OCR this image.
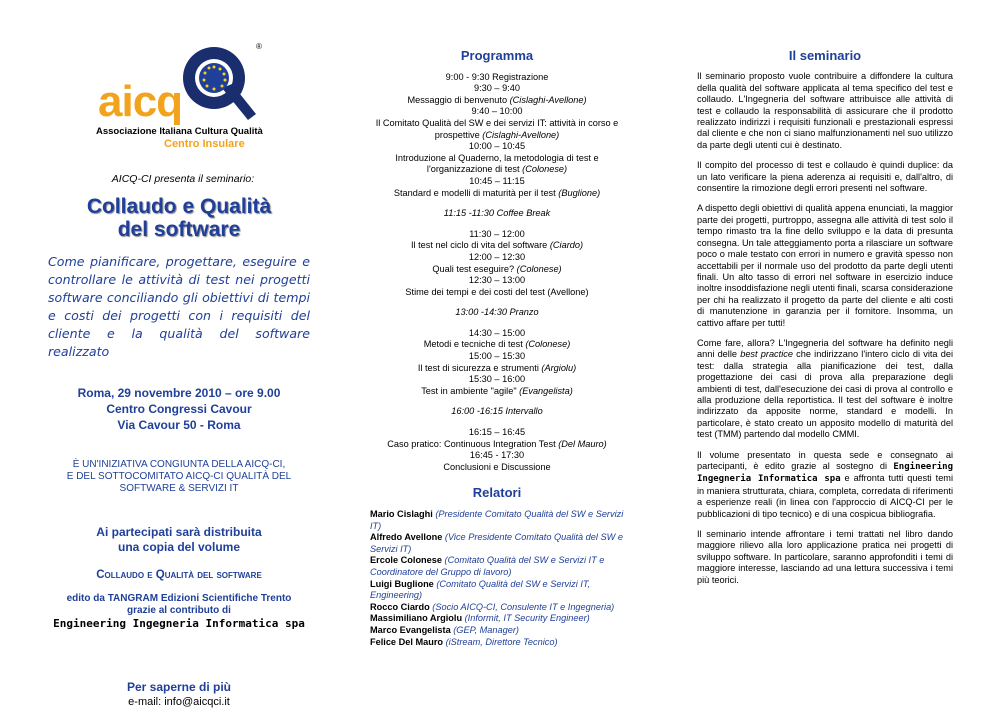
aicq
®
Associazione Italiana Cultura Qualità
Centro Insulare
AICQ-CI presenta il seminario:
Collaudo e Qualità
del software
Come pianificare, progettare, eseguire e controllare le attività di test nei progetti software conciliando gli obiettivi di tempi e costi dei progetti con i requisiti del cliente e la qualità del software realizzato
Roma, 29 novembre 2010 – ore 9.00
Centro Congressi Cavour
Via Cavour 50 - Roma
È UN'INIZIATIVA CONGIUNTA DELLA AICQ-CI,
E DEL SOTTOCOMITATO AICQ-CI QUALITÀ DEL
SOFTWARE & SERVIZI IT
Ai partecipati sarà distribuita
una copia del volume
Collaudo e Qualità del software
edito da TANGRAM Edizioni Scientifiche Trento
grazie al contributo di
Engineering Ingegneria Informatica spa
Per saperne di più
e-mail: info@aicqci.it
Programma
9:00 - 9:30 Registrazione
9:30 – 9:40
Messaggio di benvenuto (Cislaghi-Avellone)
9:40 – 10:00
Il Comitato Qualità del SW e dei servizi IT: attività in corso e
prospettive (Cislaghi-Avellone)
10:00 – 10:45
Introduzione al Quaderno, la metodologia di test e
l'organizzazione di test (Colonese)
10:45 – 11:15
Standard e modelli di maturità per il test (Buglione)
11:15 -11:30 Coffee Break
11:30 – 12:00
Il test nel ciclo di vita del software (Ciardo)
12:00 – 12:30
Quali test eseguire? (Colonese)
12:30 – 13:00
Stime dei tempi e dei costi del test (Avellone)
13:00 -14:30 Pranzo
14:30 – 15:00
Metodi e tecniche di test (Colonese)
15:00 – 15:30
Il test di sicurezza e strumenti (Argiolu)
15:30 – 16:00
Test in ambiente "agile" (Evangelista)
16:00 -16:15 Intervallo
16:15 – 16:45
Caso pratico: Continuous Integration Test (Del Mauro)
16:45 - 17:30
Conclusioni e Discussione
Relatori
Mario Cislaghi (Presidente Comitato Qualità del SW e Servizi IT)
Alfredo Avellone (Vice Presidente Comitato Qualità del SW e Servizi IT)
Ercole Colonese (Comitato Qualità del SW e Servizi IT e Coordinatore del Gruppo di lavoro)
Luigi Buglione (Comitato Qualità del SW e Servizi IT, Engineering)
Rocco Ciardo (Socio AICQ-CI, Consulente IT e Ingegneria)
Massimiliano Argiolu (Informit, IT Security Engineer)
Marco Evangelista (GEP, Manager)
Felice Del Mauro (iStream, Direttore Tecnico)
Il seminario

Il seminario proposto vuole contribuire a diffondere la cultura della qualità del software applicata al tema specifico del test e collaudo. L'Ingegneria del software attribuisce alle attività di test e collaudo la responsabilità di assicurare che il prodotto realizzato indirizzi i requisiti funzionali e prestazionali espressi dal cliente e che non ci siano malfunzionamenti nel suo utilizzo da parte degli utenti cui è destinato.

Il compito del processo di test e collaudo è quindi duplice: da un lato verificare la piena aderenza ai requisiti e, dall'altro, di consentire la rimozione degli errori presenti nel software.

A dispetto degli obiettivi di qualità appena enunciati, la maggior parte dei progetti, purtroppo, assegna alle attività di test solo il tempo rimasto tra la fine dello sviluppo e la data di presunta consegna. Un tale atteggiamento porta a rilasciare un software poco o male testato con errori in numero e gravità spesso non accettabili per il normale uso del prodotto da parte degli utenti finali. Un alto tasso di errori nel software in esercizio induce inoltre insoddisfazione negli utenti finali, scarsa considerazione per chi ha realizzato il progetto da parte del cliente e alti costi di manutenzione in garanzia per il fornitore. Insomma, un cattivo affare per tutti!

Come fare, allora? L'Ingegneria del software ha definito negli anni delle best practice che indirizzano l'intero ciclo di vita dei test: dalla strategia alla pianificazione dei test, dalla progettazione dei casi di prova alla preparazione degli ambienti di test, dall'esecuzione dei casi di prova al controllo e alla produzione della reportistica. Il test del software è inoltre indirizzato da apposite norme, standard e modelli. In particolare, è stato creato un apposito modello di maturità del test (TMM) partendo dal modello CMMI.

Il volume presentato in questa sede e consegnato ai partecipanti, è edito grazie al sostegno di Engineering Ingegneria Informatica spa e affronta tutti questi temi in maniera strutturata, chiara, completa, corredata di riferimenti a esperienze reali (in linea con l'approccio di AICQ-CI per le pubblicazioni di tipo tecnico) e di una cospicua bibliografia.

Il seminario intende affrontare i temi trattati nel libro dando maggiore rilievo alla loro applicazione pratica nei progetti di sviluppo software. In particolare, saranno approfonditi i temi di maggiore interesse, lasciando ad una lettura successiva i temi più teorici.
